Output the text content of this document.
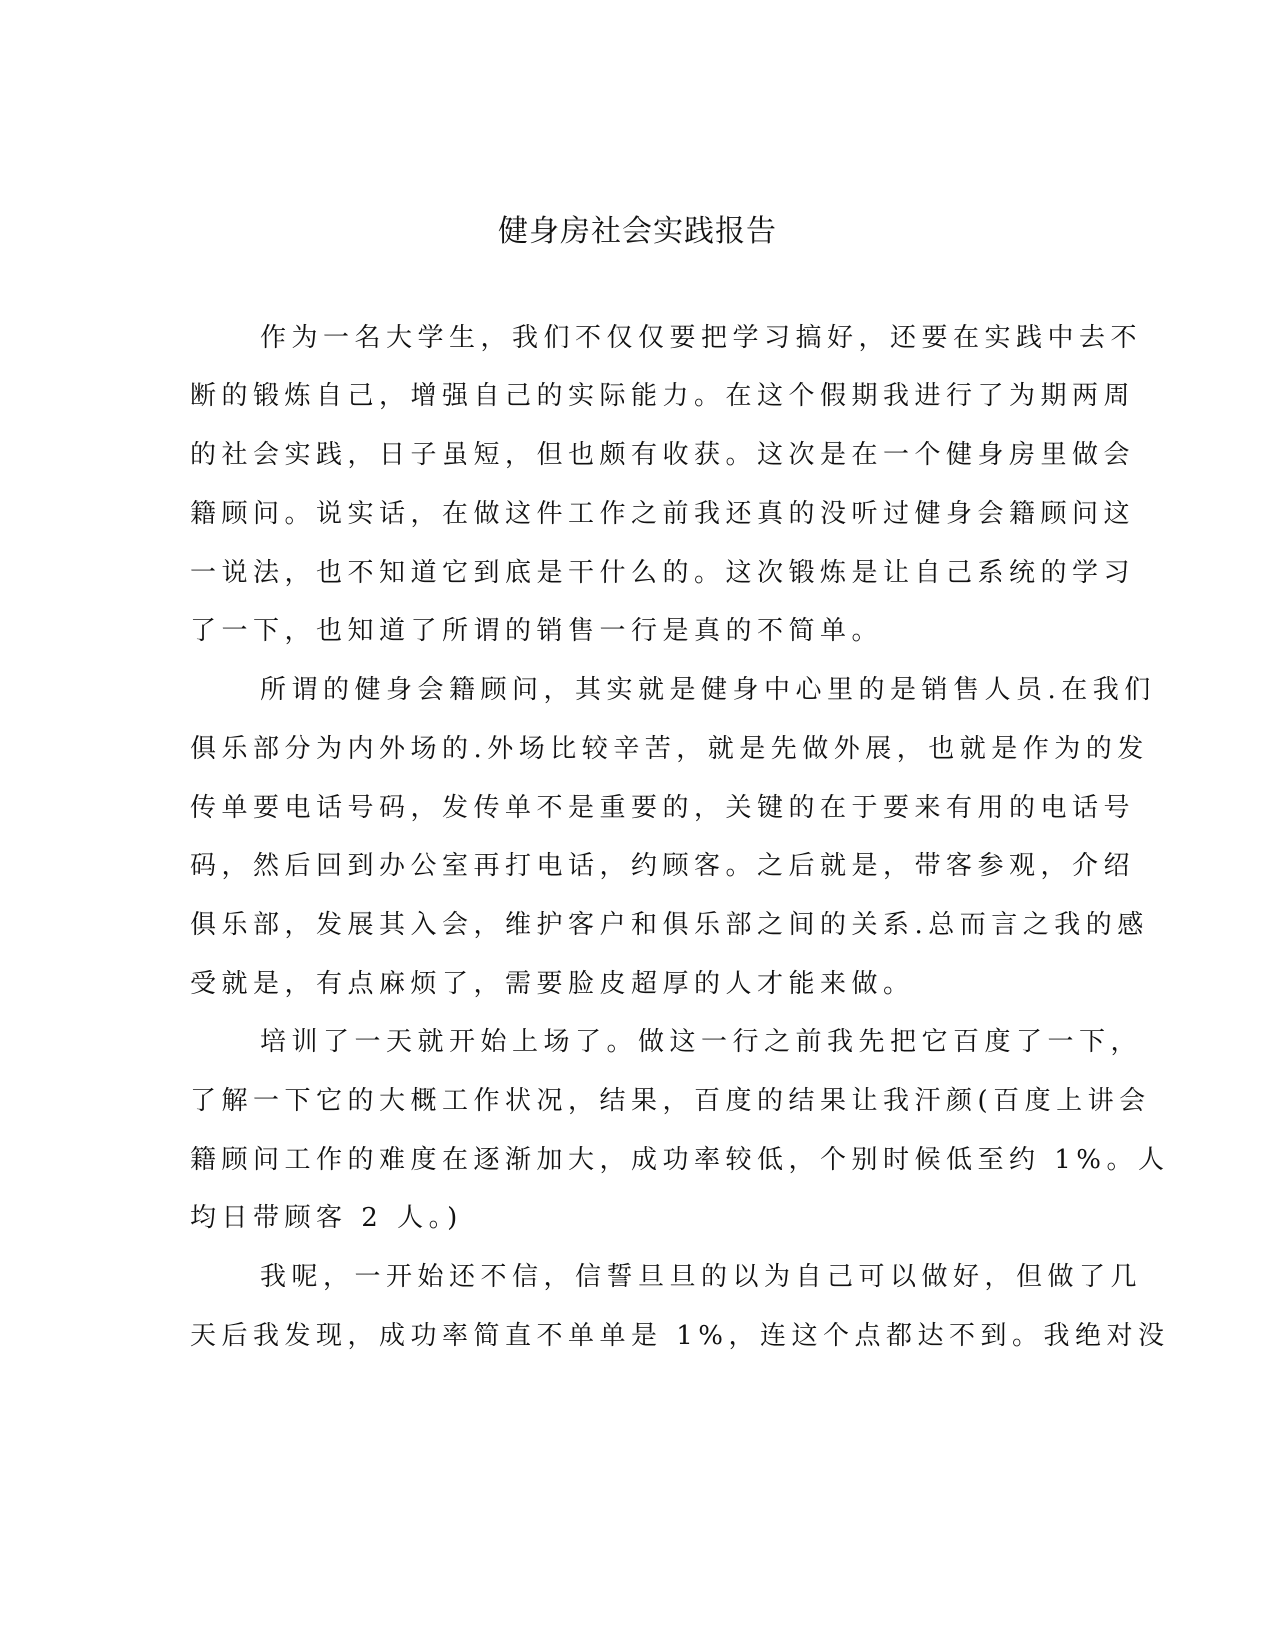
健身房社会实践报告
作为一名大学生，我们不仅仅要把学习搞好，还要在实践中去不
断的锻炼自己，增强自己的实际能力。在这个假期我进行了为期两周
的社会实践，日子虽短，但也颇有收获。这次是在一个健身房里做会
籍顾问。说实话，在做这件工作之前我还真的没听过健身会籍顾问这
一说法，也不知道它到底是干什么的。这次锻炼是让自己系统的学习
了一下，也知道了所谓的销售一行是真的不简单。
所谓的健身会籍顾问，其实就是健身中心里的是销售人员.在我们
俱乐部分为内外场的.外场比较辛苦，就是先做外展，也就是作为的发
传单要电话号码，发传单不是重要的，关键的在于要来有用的电话号
码，然后回到办公室再打电话，约顾客。之后就是，带客参观，介绍
俱乐部，发展其入会，维护客户和俱乐部之间的关系.总而言之我的感
受就是，有点麻烦了，需要脸皮超厚的人才能来做。
培训了一天就开始上场了。做这一行之前我先把它百度了一下，
了解一下它的大概工作状况，结果，百度的结果让我汗颜(百度上讲会
籍顾问工作的难度在逐渐加大，成功率较低，个别时候低至约 1%。人
均日带顾客 2 人。)
我呢，一开始还不信，信誓旦旦的以为自己可以做好，但做了几
天后我发现，成功率简直不单单是 1%，连这个点都达不到。我绝对没
